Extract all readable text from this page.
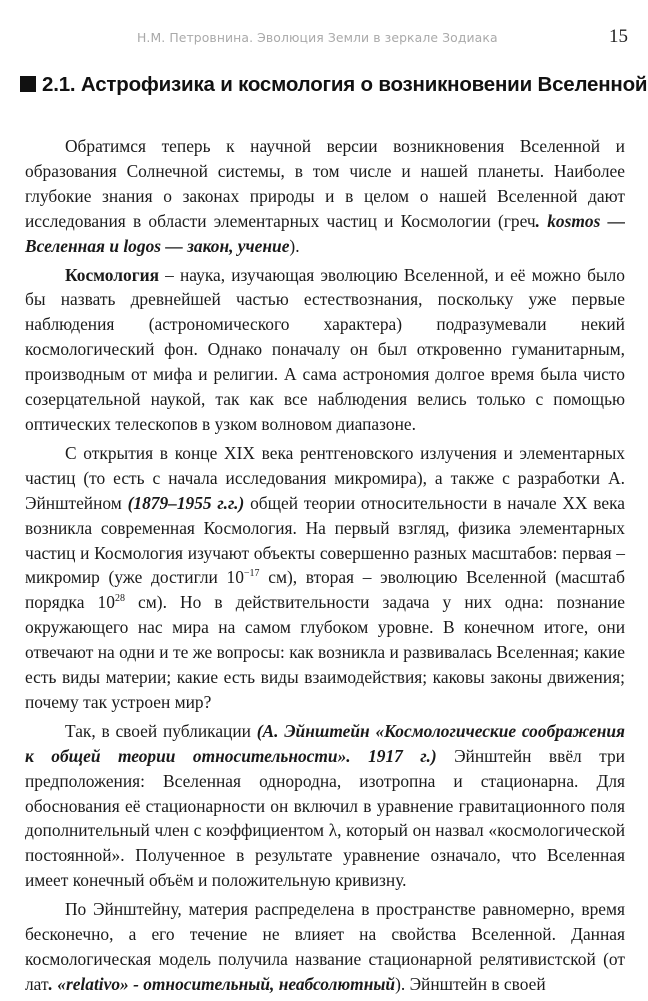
Н.М. Петровнина. Эволюция Земли в зеркале Зодиака	15
2.1. Астрофизика и космология о возникновении Вселенной

Обратимся теперь к научной версии возникновения Вселенной и образования Солнечной системы, в том числе и нашей планеты. Наиболее глубокие знания о законах природы и в целом о нашей Вселенной дают исследования в области элементарных частиц и Космологии (греч. kosmos — Вселенная и logos — закон, учение).

Космология – наука, изучающая эволюцию Вселенной, и её можно было бы назвать древнейшей частью естествознания, поскольку уже первые наблюдения (астрономического характера) подразумевали некий космологический фон. Однако поначалу он был откровенно гуманитарным, производным от мифа и религии. А сама астрономия долгое время была чисто созерцательной наукой, так как все наблюдения велись только с помощью оптических телескопов в узком волновом диапазоне.

С открытия в конце XIX века рентгеновского излучения и элементарных частиц (то есть с начала исследования микромира), а также с разработки А. Эйнштейном (1879–1955 г.г.) общей теории относительности в начале XX века возникла современная Космология. На первый взгляд, физика элементарных частиц и Космология изучают объекты совершенно разных масштабов: первая – микромир (уже достигли $10^{-17}$ см), вторая – эволюцию Вселенной (масштаб порядка $10^{28}$ см). Но в действительности задача у них одна: познание окружающего нас мира на самом глубоком уровне. В конечном итоге, они отвечают на одни и те же вопросы: как возникла и развивалась Вселенная; какие есть виды материи; какие есть виды взаимодействия; каковы законы движения; почему так устроен мир?

Так, в своей публикации (А. Эйнштейн «Космологические соображения к общей теории относительности». 1917 г.) Эйнштейн ввёл три предположения: Вселенная однородна, изотропна и стационарна. Для обоснования её стационарности он включил в уравнение гравитационного поля дополнительный член с коэффициентом λ, который он назвал «космологической постоянной». Полученное в результате уравнение означало, что Вселенная имеет конечный объём и положительную кривизну.

По Эйнштейну, материя распределена в пространстве равномерно, время бесконечно, а его течение не влияет на свойства Вселенной. Данная космологическая модель получила название стационарной релятивистской (от лат. «relativo» - относительный, неабсолютный). Эйнштейн в своей
